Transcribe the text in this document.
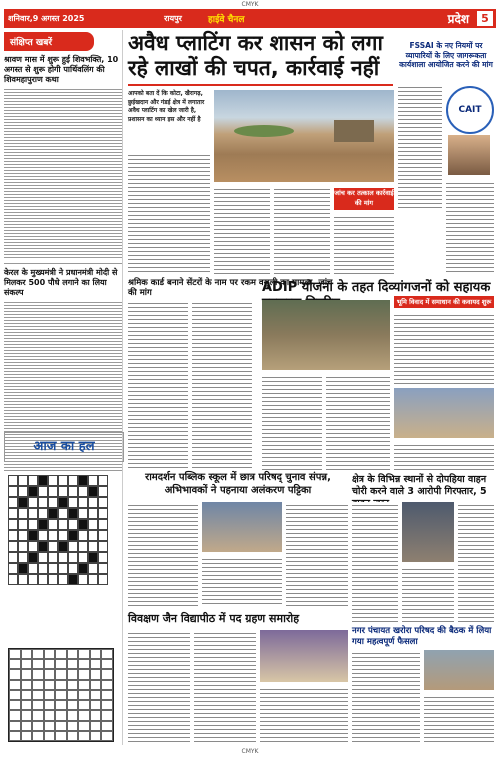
CMYK
शनिवार,9 अगस्त 2025	रायपुर	हाईवे चैनल	प्रदेश	5
संक्षिप्त खबरें
श्रावण मास में शुरू हुई शिवभक्ति, 10 अगस्त से शुरू होगी पार्थिवलिंग की शिवमहापुराण कथा
केरल के मुख्यमंत्री ने प्रधानमंत्री मोदी से मिलकर 500 पौधे लगाने का लिया संकल्प
आज का हल
अवैध प्लाटिंग कर शासन को लगा रहे लाखों की चपत, कार्रवाई नहीं
आपको बता दें कि कोटा, खैरागढ़, छुईखदान और गंडई क्षेत्र में लगातार अवैध प्लाटिंग का खेल जारी है, प्रशासन का ध्यान इस और नहीं है
जांच कर तत्काल कार्रवाई की मांग
FSSAI के नए नियमों पर व्यापारियों के लिए जागरूकता कार्यशाला आयोजित करने की मांग
CAIT
श्रमिक कार्ड बनाने सेंटरों के नाम पर रकम वसूली का मामला, जांच की मांग	ADIP योजना के तहत दिव्यांगजनों को सहायक
भूमि विवाद में समाधान की कवायद शुरू
रामदर्शन पब्लिक स्कूल में छात्र परिषद् चुनाव संपन्न, अभिभावकों ने पहनाया अलंकरण पट्टिका
क्षेत्र के विभिन्न स्थानों से दोपहिया वाहन चोरी करने वाले 3 आरोपी गिरफ्तार, 5
विवक्षण जैन विद्यापीठ में पद ग्रहण समारोह
नगर पंचायत खरोरा परिषद की बैठक में लिया गया महत्वपूर्ण फैसला
CMYK
